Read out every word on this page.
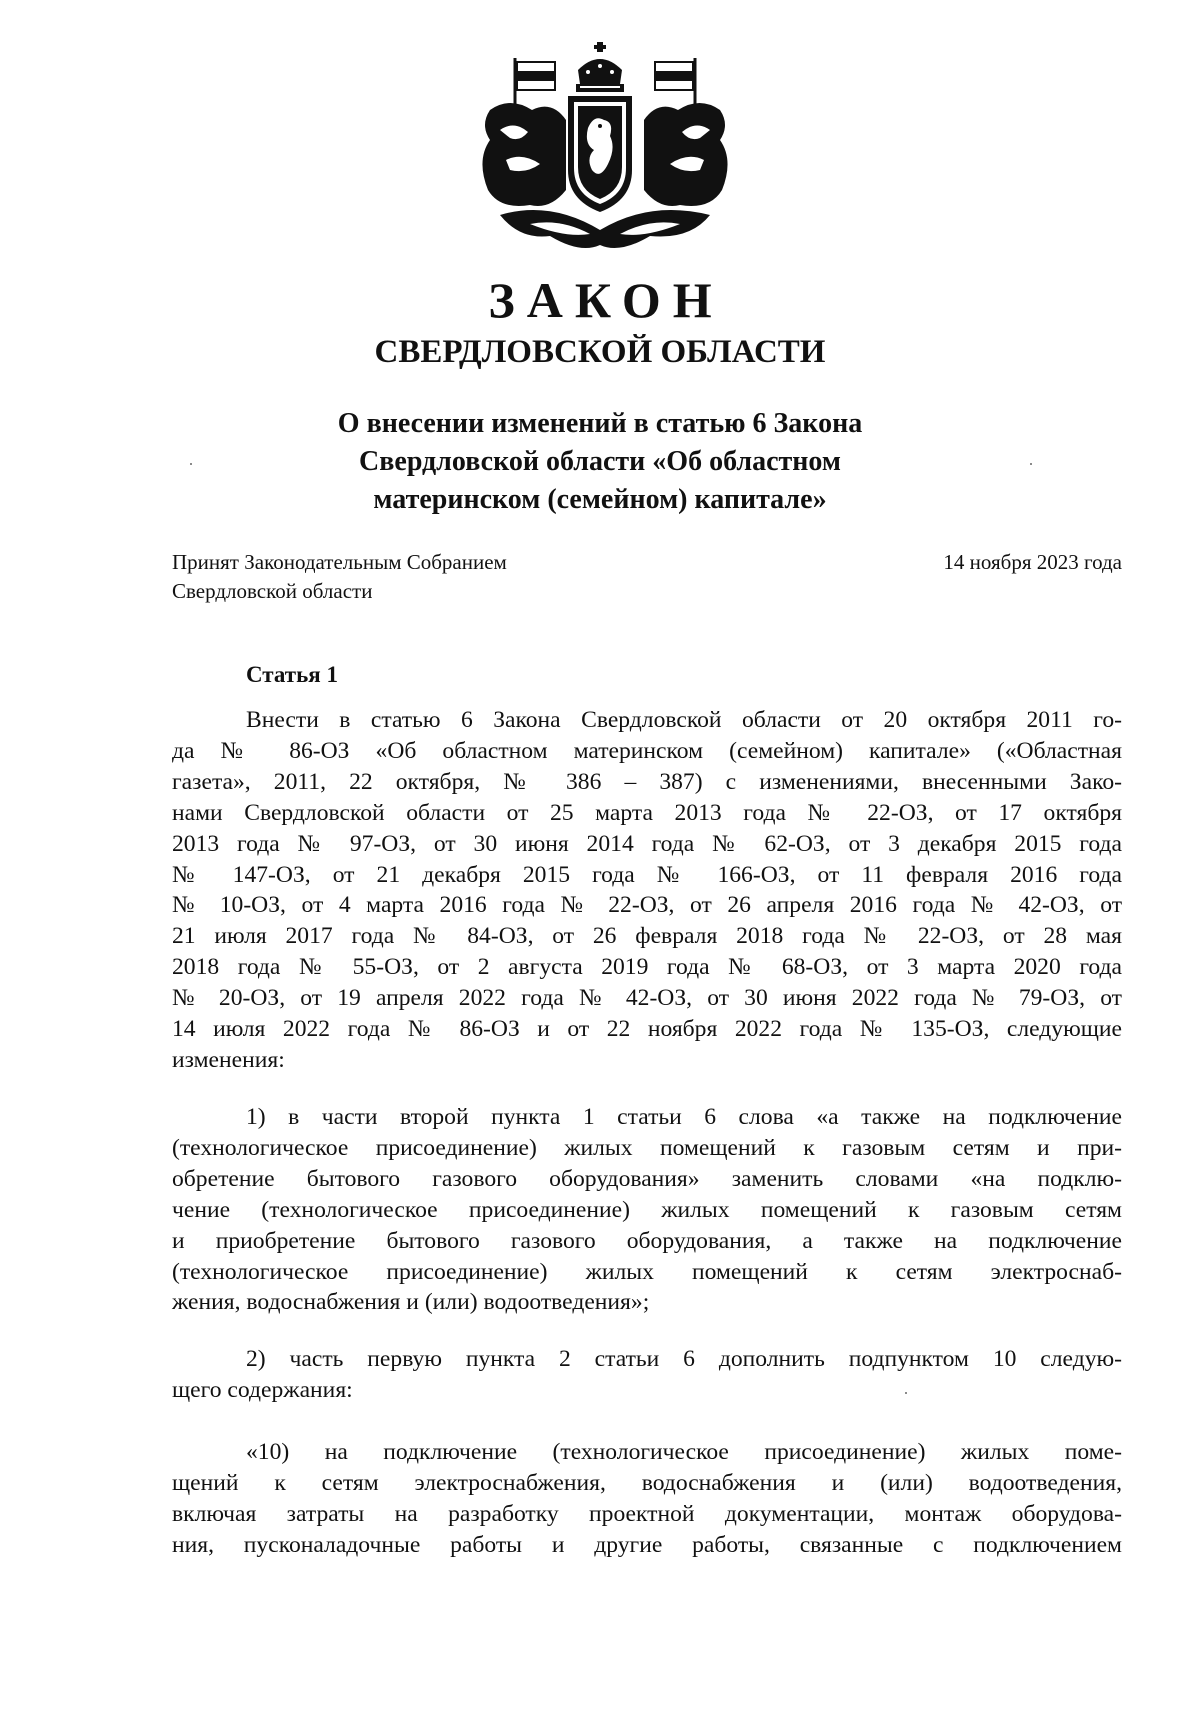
ЗАКОН
СВЕРДЛОВСКОЙ ОБЛАСТИ
О внесении изменений в статью 6 Закона
Свердловской области «Об областном
материнском (семейном) капитале»
Принят Законодательным Собранием
Свердловской области
14 ноября 2023 года
Статья 1
Внести в статью 6 Закона Свердловской области от 20 октября 2011 го-
да № 86-ОЗ «Об областном материнском (семейном) капитале» («Областная
газета», 2011, 22 октября, № 386 – 387) с изменениями, внесенными Зако-
нами Свердловской области от 25 марта 2013 года № 22-ОЗ, от 17 октября
2013 года № 97-ОЗ, от 30 июня 2014 года № 62-ОЗ, от 3 декабря 2015 года
№ 147-ОЗ, от 21 декабря 2015 года № 166-ОЗ, от 11 февраля 2016 года
№ 10-ОЗ, от 4 марта 2016 года № 22-ОЗ, от 26 апреля 2016 года № 42-ОЗ, от
21 июля 2017 года № 84-ОЗ, от 26 февраля 2018 года № 22-ОЗ, от 28 мая
2018 года № 55-ОЗ, от 2 августа 2019 года № 68-ОЗ, от 3 марта 2020 года
№ 20-ОЗ, от 19 апреля 2022 года № 42-ОЗ, от 30 июня 2022 года № 79-ОЗ, от
14 июля 2022 года № 86-ОЗ и от 22 ноября 2022 года № 135-ОЗ, следующие
изменения:
1) в части второй пункта 1 статьи 6 слова «а также на подключение
(технологическое присоединение) жилых помещений к газовым сетям и при-
обретение бытового газового оборудования» заменить словами «на подклю-
чение (технологическое присоединение) жилых помещений к газовым сетям
и приобретение бытового газового оборудования, а также на подключение
(технологическое присоединение) жилых помещений к сетям электроснаб-
жения, водоснабжения и (или) водоотведения»;
2) часть первую пункта 2 статьи 6 дополнить подпунктом 10 следую-
щего содержания:
«10) на подключение (технологическое присоединение) жилых поме-
щений к сетям электроснабжения, водоснабжения и (или) водоотведения,
включая затраты на разработку проектной документации, монтаж оборудова-
ния, пусконаладочные работы и другие работы, связанные с подключением
